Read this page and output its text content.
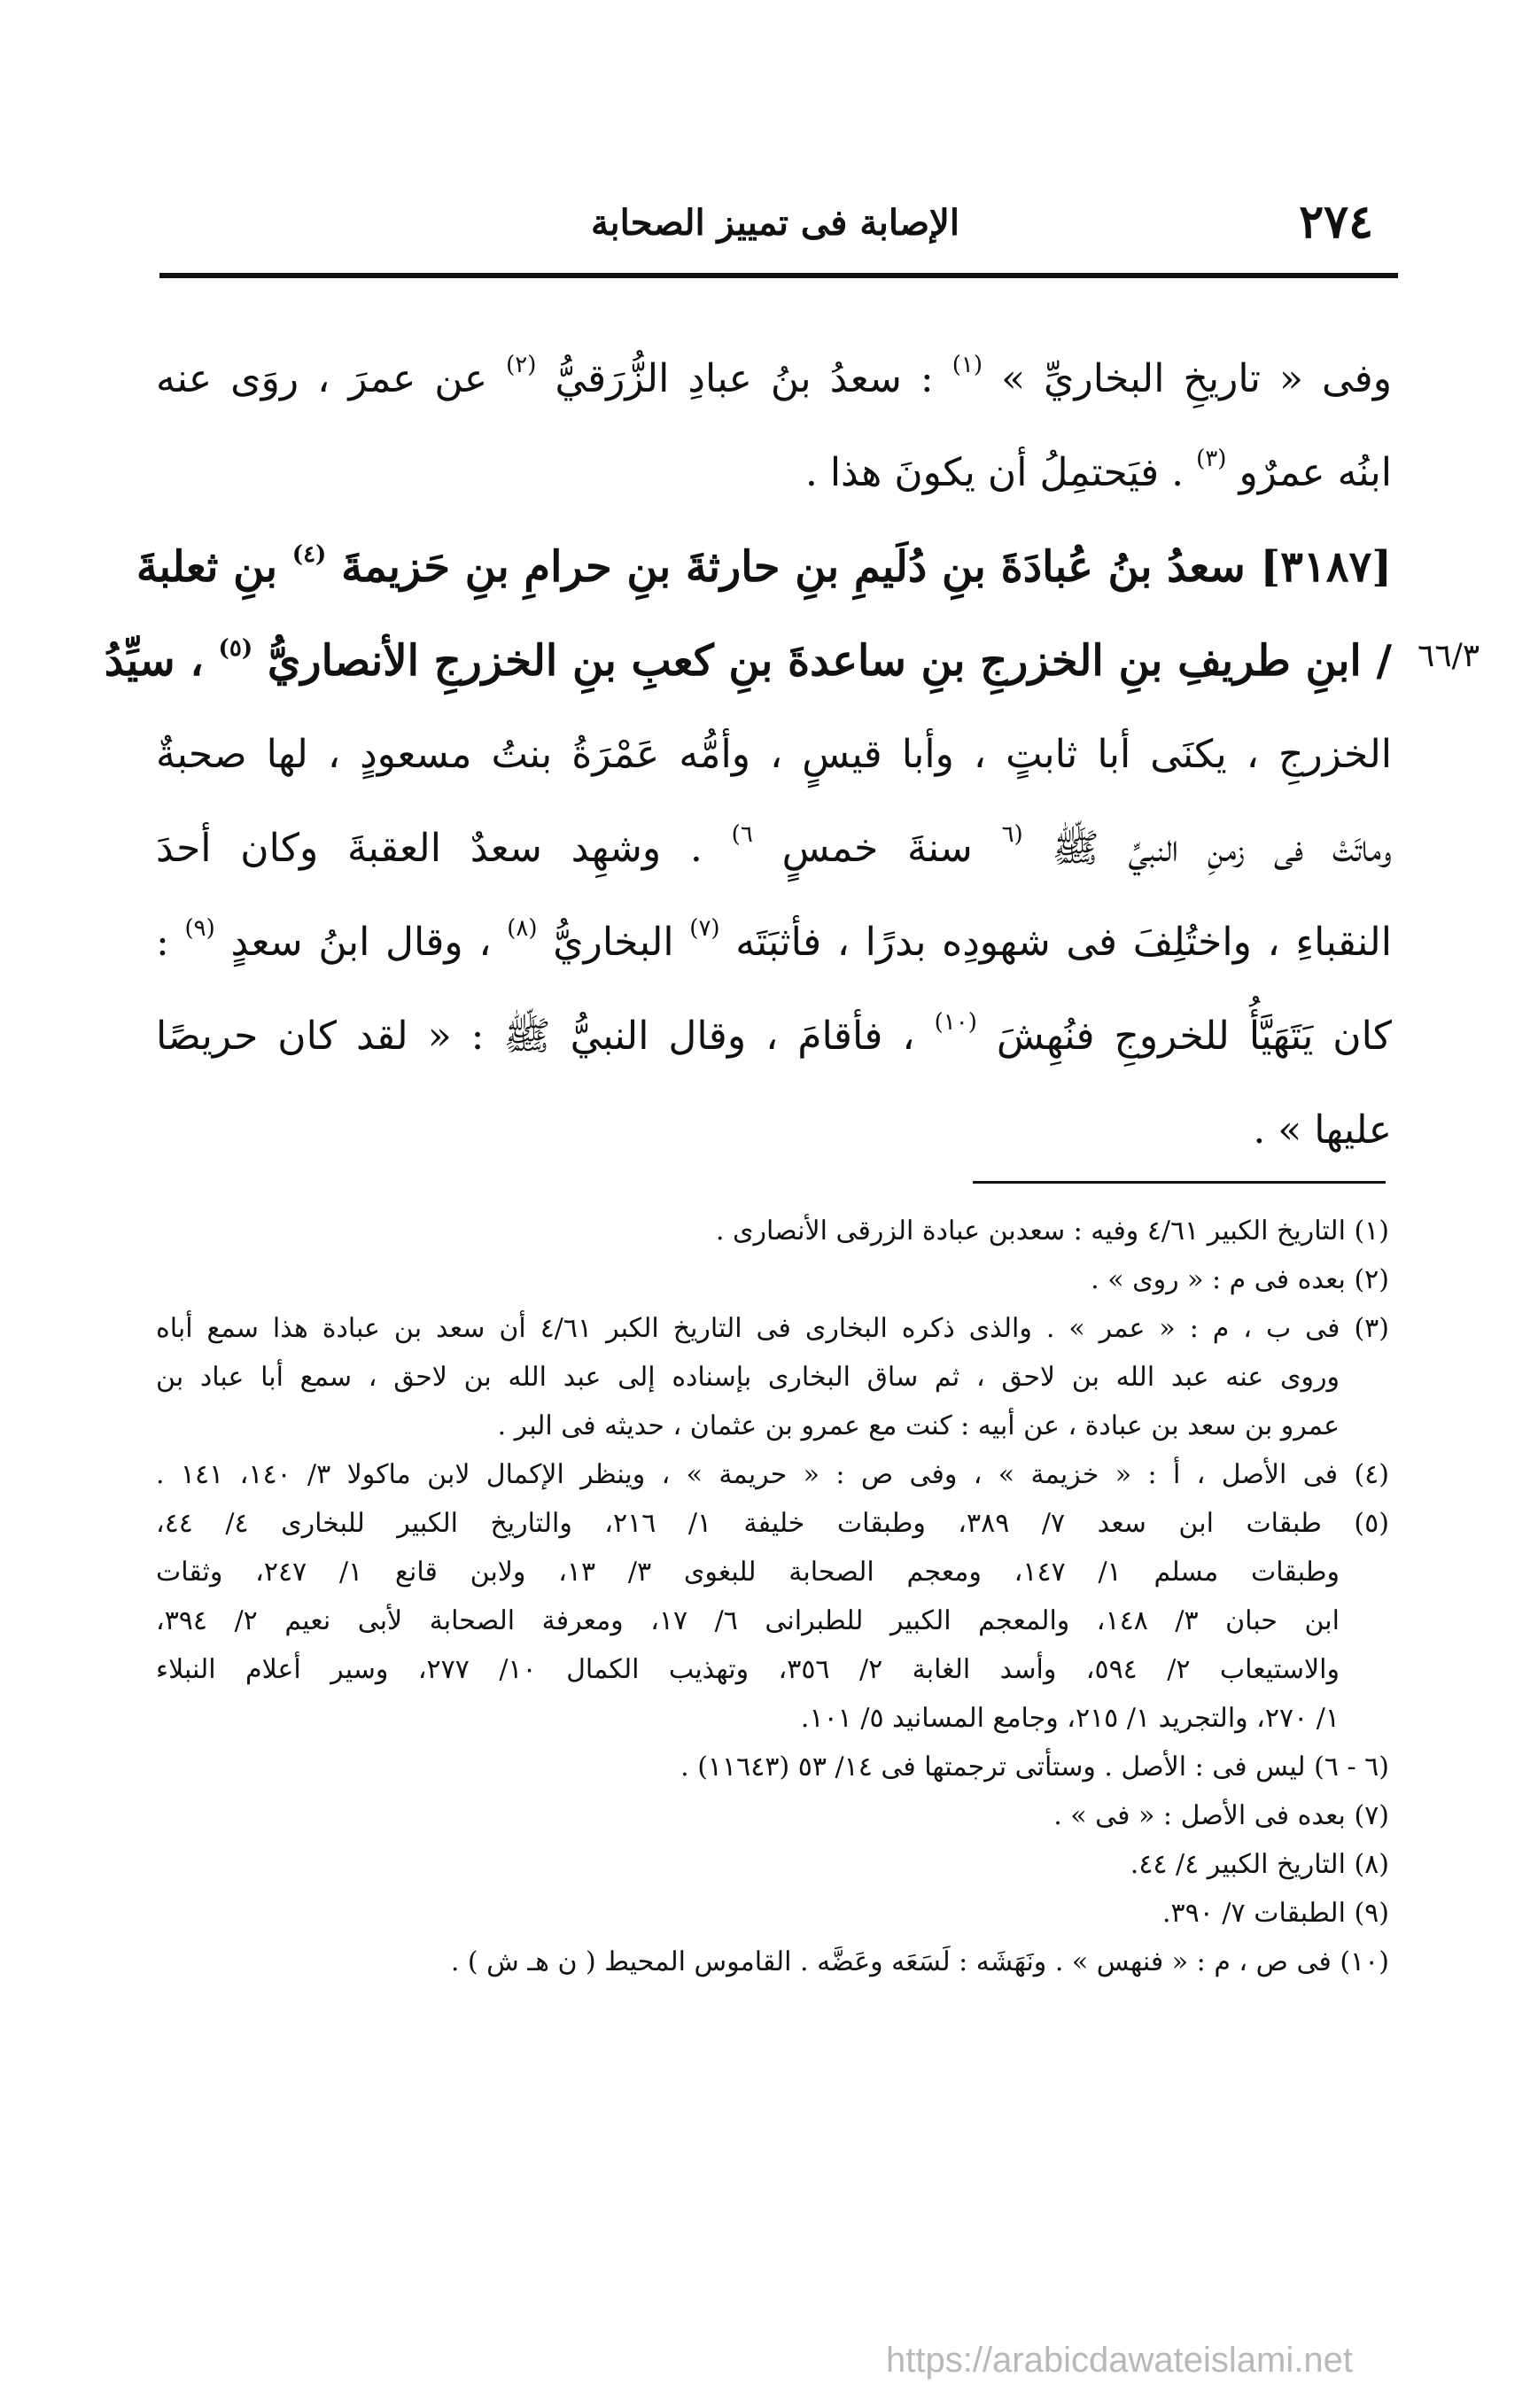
٢٧٤
الإصابة فى تمييز الصحابة
٦٦/٣
وفى « تاريخِ البخاريِّ » $^{(١)}$ : سعدُ بنُ عبادِ الزُّرَقيُّ $^{(٢)}$ عن عمرَ ، روَى عنه
ابنُه عمرٌو $^{(٣)}$ . فيَحتمِلُ أن يكونَ هذا .
[٣١٨٧] سعدُ بنُ عُبادَةَ بنِ دُلَيمِ بنِ حارثةَ بنِ حرامِ بنِ حَزيمةَ $^{(٤)}$ بنِ ثعلبةَ
/ ابنِ طريفِ بنِ الخزرجِ بنِ ساعدةَ بنِ كعبِ بنِ الخزرجِ الأنصاريُّ $^{(٥)}$ ، سيِّدُ
الخزرجِ ، يكنَى أبا ثابتٍ ، وأبا قيسٍ ، وأمُّه عَمْرَةُ بنتُ مسعودٍ ، لها صحبةٌ
وماتَتْ فى زمنِ النبيِّ ﷺ $^{(٦}$ سنةَ خمسٍ $^{٦)}$ . وشهِد سعدٌ العقبةَ وكان أحدَ
النقباءِ ، واختُلِفَ فى شهودِه بدرًا ، فأثبَتَه $^{(٧)}$ البخاريُّ $^{(٨)}$ ، وقال ابنُ سعدٍ $^{(٩)}$ :
كان يَتَهَيَّأُ للخروجِ فنُهِشَ $^{(١٠)}$ ، فأقامَ ، وقال النبيُّ ﷺ : « لقد كان حريصًا
عليها » .
(١) التاريخ الكبير ٤/٦١ وفيه : سعدبن عبادة الزرقى الأنصارى .
(٢) بعده فى م : « روى » .
(٣) فى ب ، م : « عمر » . والذى ذكره البخارى فى التاريخ الكبر ٤/٦١ أن سعد بن عبادة هذا سمع أباه
وروى عنه عبد الله بن لاحق ، ثم ساق البخارى بإسناده إلى عبد الله بن لاحق ، سمع أبا عباد بن
عمرو بن سعد بن عبادة ، عن أبيه : كنت مع عمرو بن عثمان ، حديثه فى البر .
(٤) فى الأصل ، أ : « خزيمة » ، وفى ص : « حريمة » ، وينظر الإكمال لابن ماكولا ٣/ ١٤٠، ١٤١ .
(٥) طبقات ابن سعد ٧/ ٣٨٩، وطبقات خليفة ١/ ٢١٦، والتاريخ الكبير للبخارى ٤/ ٤٤،
وطبقات مسلم ١/ ١٤٧، ومعجم الصحابة للبغوى ٣/ ١٣، ولابن قانع ١/ ٢٤٧، وثقات
ابن حبان ٣/ ١٤٨، والمعجم الكبير للطبرانى ٦/ ١٧، ومعرفة الصحابة لأبى نعيم ٢/ ٣٩٤،
والاستيعاب ٢/ ٥٩٤، وأسد الغابة ٢/ ٣٥٦، وتهذيب الكمال ١٠/ ٢٧٧، وسير أعلام النبلاء
١/ ٢٧٠، والتجريد ١/ ٢١٥، وجامع المسانيد ٥/ ١٠١.
(٦ - ٦) ليس فى : الأصل . وستأتى ترجمتها فى ١٤/ ٥٣ (١١٦٤٣) .
(٧) بعده فى الأصل : « فى » .
(٨) التاريخ الكبير ٤/ ٤٤.
(٩) الطبقات ٧/ ٣٩٠.
(١٠) فى ص ، م : « فنهس » . ونَهَشَه : لَسَعَه وعَضَّه . القاموس المحيط ( ن هـ ش ) .
https://arabicdawateislami.net
